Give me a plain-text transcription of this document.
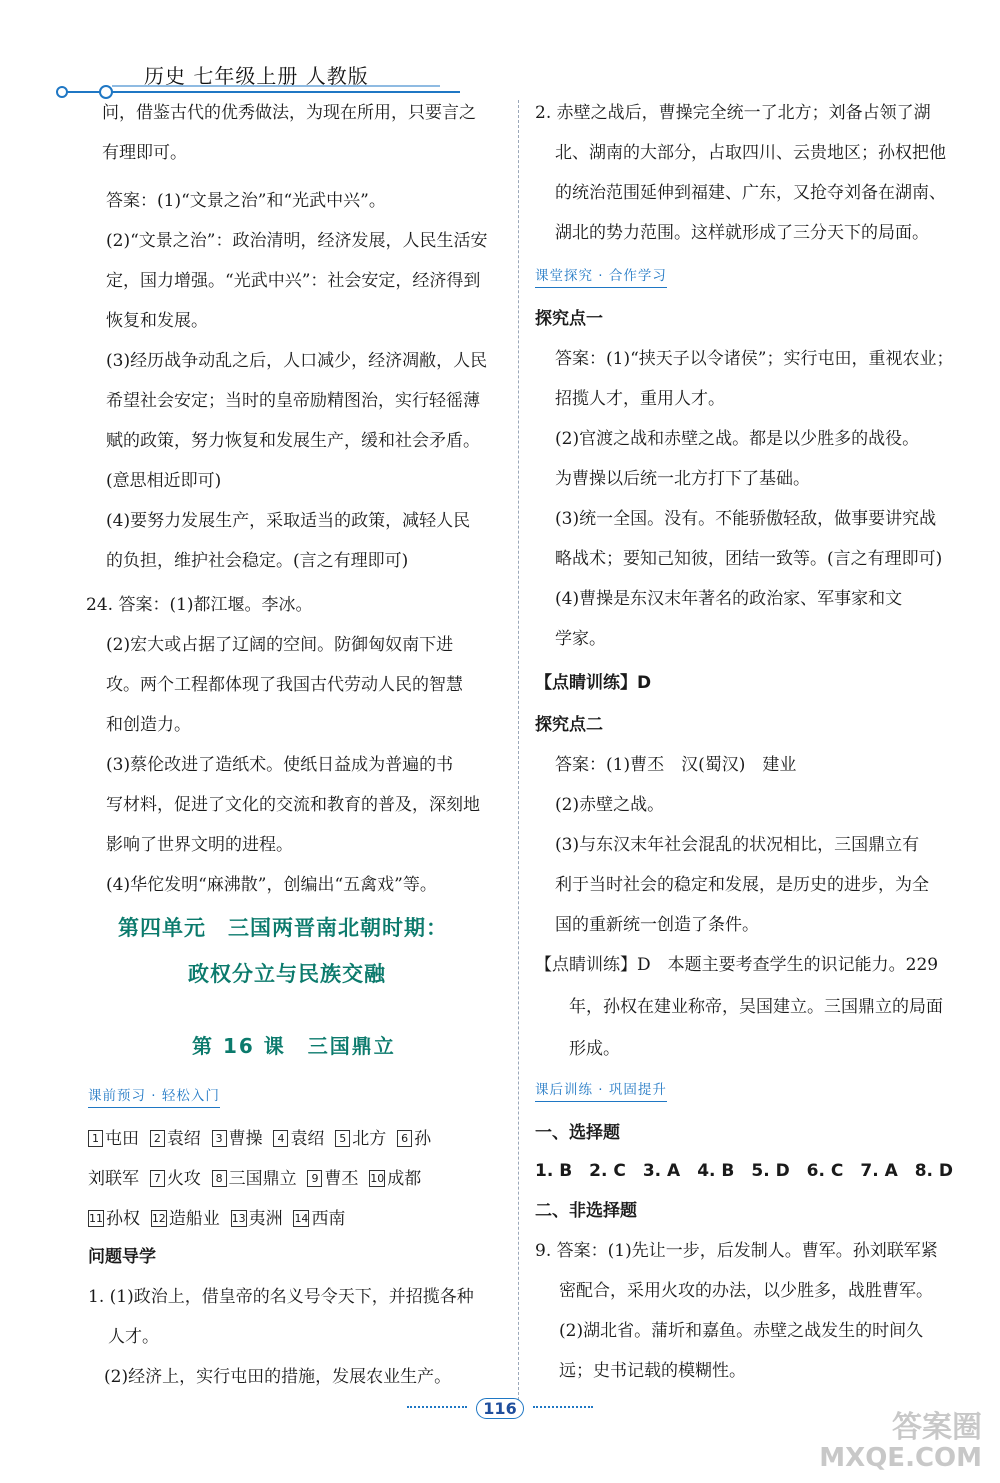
历史 七年级上册 人教版
问，借鉴古代的优秀做法，为现在所用，只要言之
有理即可。
答案：(1)“文景之治”和“光武中兴”。
(2)“文景之治”：政治清明，经济发展，人民生活安
定，国力增强。“光武中兴”：社会安定，经济得到
恢复和发展。
(3)经历战争动乱之后，人口减少，经济凋敝，人民
希望社会安定；当时的皇帝励精图治，实行轻徭薄
赋的政策，努力恢复和发展生产，缓和社会矛盾。
(意思相近即可)
(4)要努力发展生产，采取适当的政策，减轻人民
的负担，维护社会稳定。(言之有理即可)
24. 答案：(1)都江堰。李冰。
(2)宏大或占据了辽阔的空间。防御匈奴南下进
攻。两个工程都体现了我国古代劳动人民的智慧
和创造力。
(3)蔡伦改进了造纸术。使纸日益成为普遍的书
写材料，促进了文化的交流和教育的普及，深刻地
影响了世界文明的进程。
(4)华佗发明“麻沸散”，创编出“五禽戏”等。
第四单元　三国两晋南北朝时期：
政权分立与民族交融
第 16 课　三国鼎立
课前预习 · 轻松入门
1 屯田 2 袁绍 3 曹操 4 袁绍 5 北方 6 孙
刘联军 7 火攻 8 三国鼎立 9 曹丕 10 成都
11 孙权 12 造船业 13 夷洲 14 西南
问题导学
1. (1)政治上，借皇帝的名义号令天下，并招揽各种
人才。
(2)经济上，实行屯田的措施，发展农业生产。
2. 赤壁之战后，曹操完全统一了北方；刘备占领了湖
北、湖南的大部分，占取四川、云贵地区；孙权把他
的统治范围延伸到福建、广东，又抢夺刘备在湖南、
湖北的势力范围。这样就形成了三分天下的局面。
课堂探究 · 合作学习
探究点一
答案：(1)“挟天子以令诸侯”；实行屯田，重视农业；
招揽人才，重用人才。
(2)官渡之战和赤壁之战。都是以少胜多的战役。
为曹操以后统一北方打下了基础。
(3)统一全国。没有。不能骄傲轻敌，做事要讲究战
略战术；要知己知彼，团结一致等。(言之有理即可)
(4)曹操是东汉末年著名的政治家、军事家和文
学家。
【点睛训练】D
探究点二
答案：(1)曹丕　汉(蜀汉)　建业
(2)赤壁之战。
(3)与东汉末年社会混乱的状况相比，三国鼎立有
利于当时社会的稳定和发展，是历史的进步，为全
国的重新统一创造了条件。
【点睛训练】D　本题主要考查学生的识记能力。229
年，孙权在建业称帝，吴国建立。三国鼎立的局面
形成。
课后训练 · 巩固提升
一、选择题
1. B　2. C　3. A　4. B　5. D　6. C　7. A　8. D
二、非选择题
9. 答案：(1)先让一步，后发制人。曹军。孙刘联军紧
密配合，采用火攻的办法，以少胜多，战胜曹军。
(2)湖北省。蒲圻和嘉鱼。赤壁之战发生的时间久
远；史书记载的模糊性。
116
答案圈
MXQE.COM
